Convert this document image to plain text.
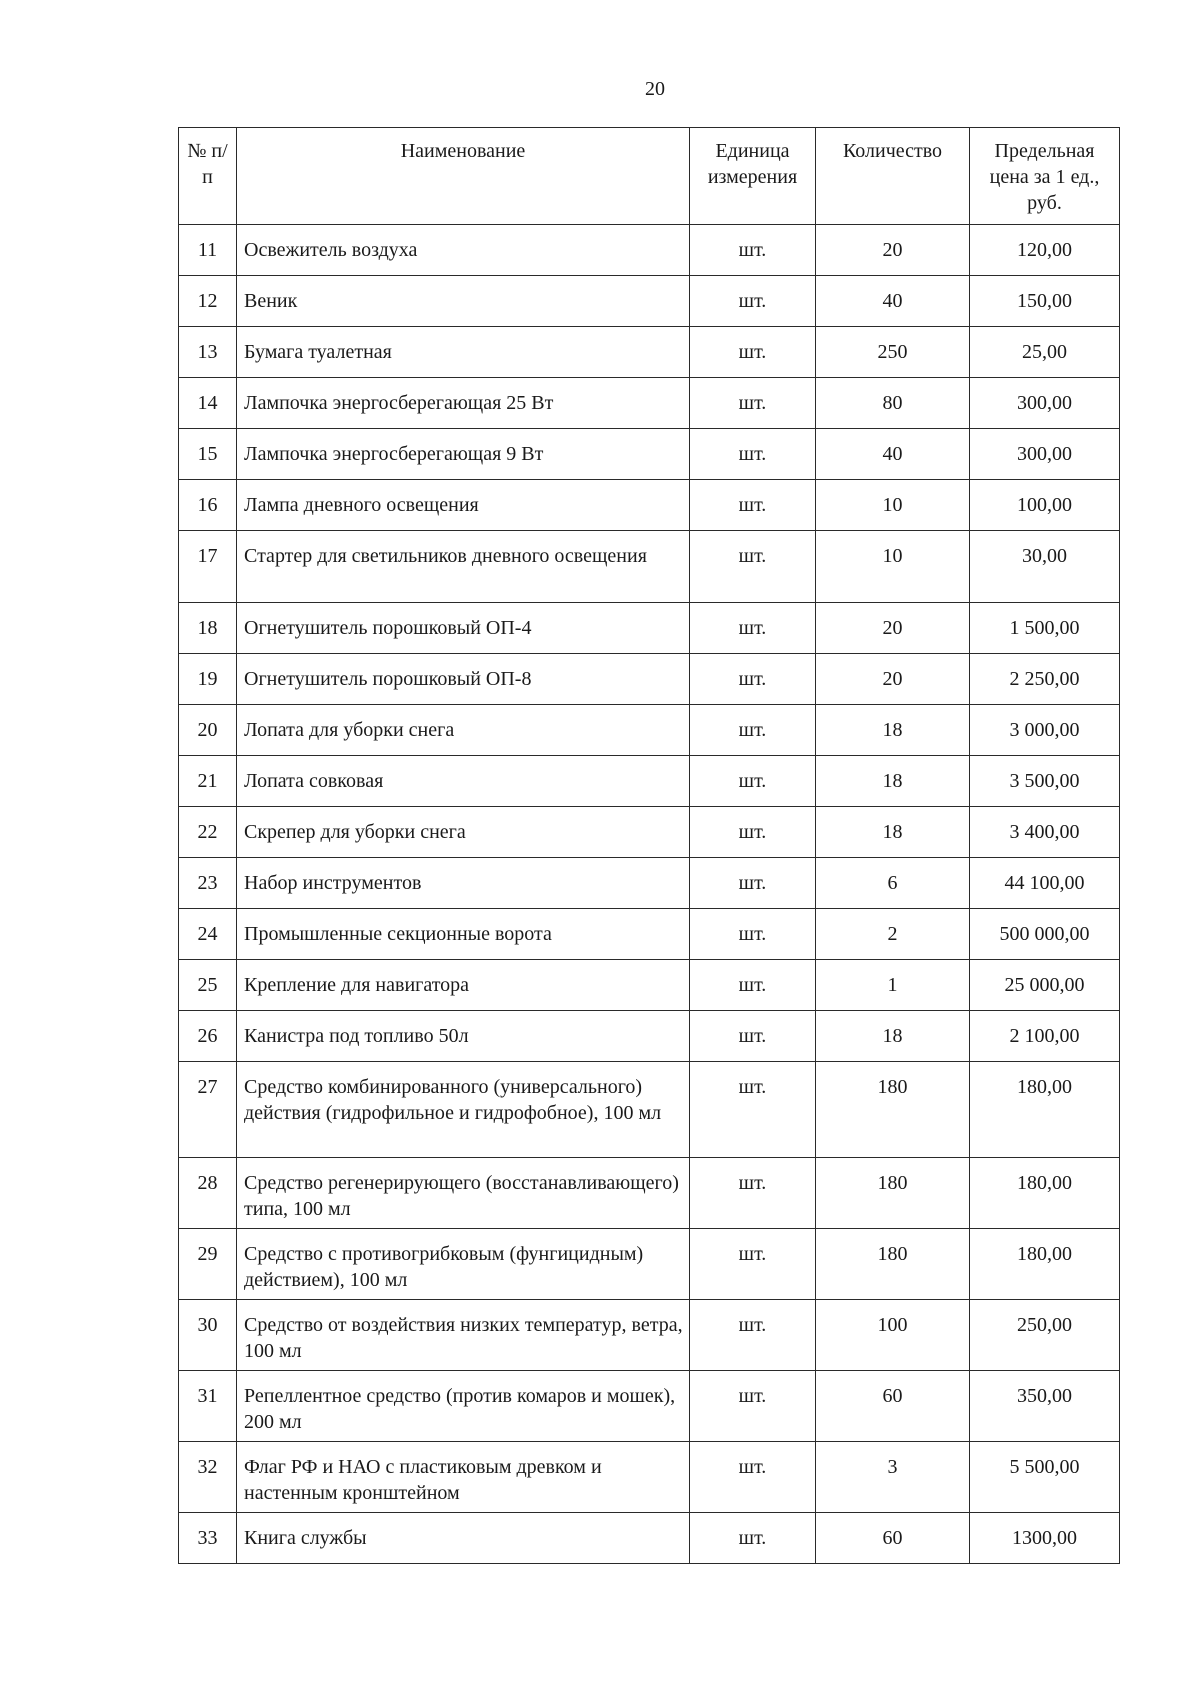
20
№ п/п	Наименование	Единица измерения	Количество	Предельная цена за 1 ед., руб.
11	Освежитель воздуха	шт.	20	120,00
12	Веник	шт.	40	150,00
13	Бумага туалетная	шт.	250	25,00
14	Лампочка энергосберегающая 25 Вт	шт.	80	300,00
15	Лампочка энергосберегающая 9 Вт	шт.	40	300,00
16	Лампа дневного освещения	шт.	10	100,00
17	Стартер для светильников дневного освещения	шт.	10	30,00
18	Огнетушитель порошковый ОП-4	шт.	20	1 500,00
19	Огнетушитель порошковый ОП-8	шт.	20	2 250,00
20	Лопата для уборки снега	шт.	18	3 000,00
21	Лопата совковая	шт.	18	3 500,00
22	Скрепер для уборки снега	шт.	18	3 400,00
23	Набор инструментов	шт.	6	44 100,00
24	Промышленные секционные ворота	шт.	2	500 000,00
25	Крепление для навигатора	шт.	1	25 000,00
26	Канистра под топливо 50л	шт.	18	2 100,00
27	Средство комбинированного (универсального) действия (гидрофильное и гидрофобное), 100 мл	шт.	180	180,00
28	Средство регенерирующего (восстанавливающего) типа, 100 мл	шт.	180	180,00
29	Средство с противогрибковым (фунгицидным) действием), 100 мл	шт.	180	180,00
30	Средство от воздействия низких температур, ветра, 100 мл	шт.	100	250,00
31	Репеллентное средство (против комаров и мошек), 200 мл	шт.	60	350,00
32	Флаг РФ и НАО с пластиковым древком и настенным кронштейном	шт.	3	5 500,00
33	Книга службы	шт.	60	1300,00
